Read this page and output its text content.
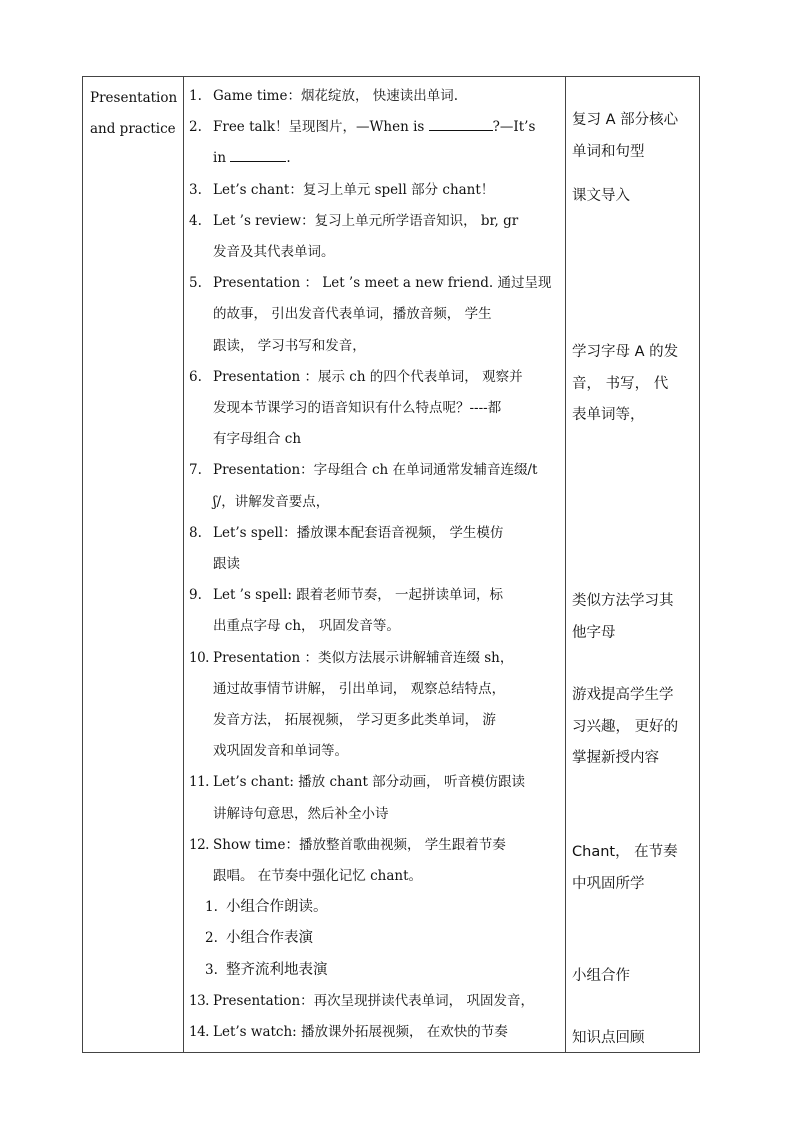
Presentation
and practice
1. Game time：烟花绽放， 快速读出单词.
2. Free talk！呈现图片，—When is	?—It’s
in	.
3. Let’s chant：复习上单元 spell 部分 chant！
4. Let ’s review：复习上单元所学语音知识， br, gr
发音及其代表单词。
5. Presentation ： Let ’s meet a new friend. 通过呈现
的故事， 引出发音代表单词，播放音频， 学生
跟读， 学习书写和发音，
6. Presentation ：展示 ch 的四个代表单词， 观察并
发现本节课学习的语音知识有什么特点呢？----都
有字母组合 ch
7. Presentation：字母组合 ch 在单词通常发辅音连缀/t
ʃ/，讲解发音要点，
8. Let’s spell：播放课本配套语音视频， 学生模仿
跟读
9. Let ’s spell: 跟着老师节奏， 一起拼读单词，标
出重点字母 ch， 巩固发音等。
10. Presentation ：类似方法展示讲解辅音连缀 sh，
通过故事情节讲解， 引出单词， 观察总结特点，
发音方法， 拓展视频， 学习更多此类单词， 游
戏巩固发音和单词等。
11. Let’s chant: 播放 chant 部分动画， 听音模仿跟读
讲解诗句意思，然后补全小诗
12. Show time：播放整首歌曲视频， 学生跟着节奏
跟唱。 在节奏中强化记忆 chant。
1. 小组合作朗读。
2. 小组合作表演
3. 整齐流利地表演
13. Presentation：再次呈现拼读代表单词， 巩固发音，
14. Let’s watch: 播放课外拓展视频， 在欢快的节奏
复习 A 部分核心
单词和句型
课文导入
学习字母 A 的发
音， 书写， 代
表单词等，
类似方法学习其
他字母
游戏提高学生学
习兴趣， 更好的
掌握新授内容
Chant， 在节奏
中巩固所学
小组合作
知识点回顾
